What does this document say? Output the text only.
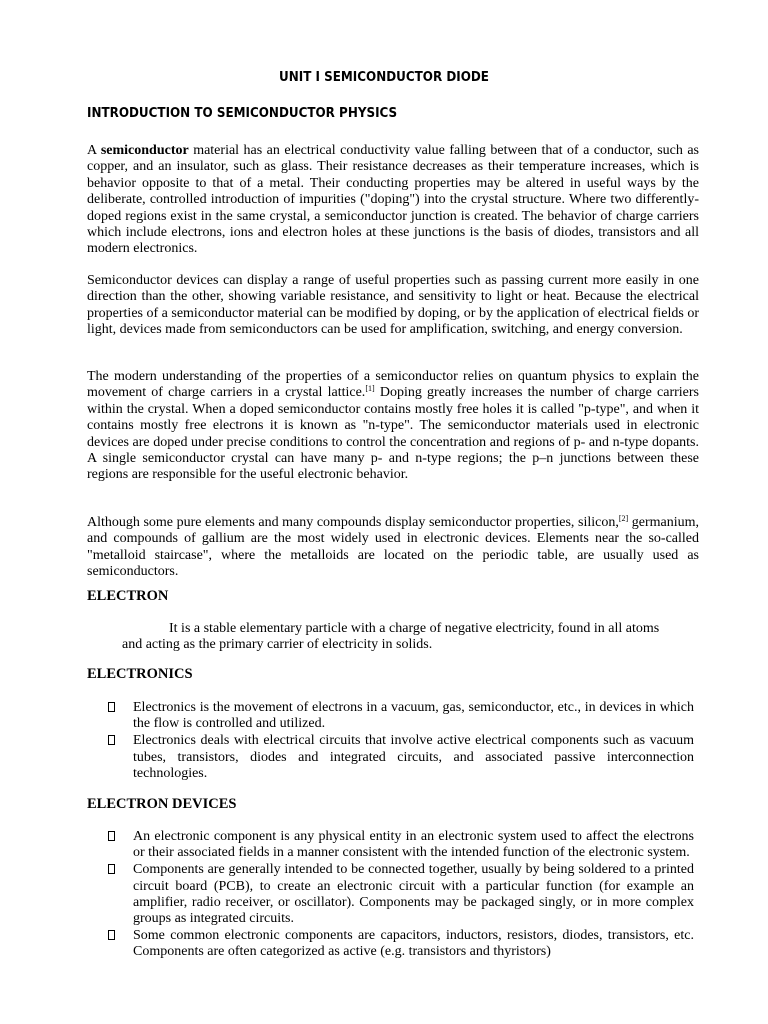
UNIT I SEMICONDUCTOR DIODE
INTRODUCTION TO SEMICONDUCTOR PHYSICS

A semiconductor material has an electrical conductivity value falling between that of a conductor, such as copper, and an insulator, such as glass. Their resistance decreases as their temperature increases, which is behavior opposite to that of a metal. Their conducting properties may be altered in useful ways by the deliberate, controlled introduction of impurities ("doping") into the crystal structure. Where two differently-doped regions exist in the same crystal, a semiconductor junction is created. The behavior of charge carriers which include electrons, ions and electron holes at these junctions is the basis of diodes, transistors and all modern electronics.

Semiconductor devices can display a range of useful properties such as passing current more easily in one direction than the other, showing variable resistance, and sensitivity to light or heat. Because the electrical properties of a semiconductor material can be modified by doping, or by the application of electrical fields or light, devices made from semiconductors can be used for amplification, switching, and energy conversion.

The modern understanding of the properties of a semiconductor relies on quantum physics to explain the movement of charge carriers in a crystal lattice.[1] Doping greatly increases the number of charge carriers within the crystal. When a doped semiconductor contains mostly free holes it is called "p-type", and when it contains mostly free electrons it is known as "n-type". The semiconductor materials used in electronic devices are doped under precise conditions to control the concentration and regions of p- and n-type dopants. A single semiconductor crystal can have many p- and n-type regions; the p–n junctions between these regions are responsible for the useful electronic behavior.

Although some pure elements and many compounds display semiconductor properties, silicon,[2] germanium, and compounds of gallium are the most widely used in electronic devices. Elements near the so-called "metalloid staircase", where the metalloids are located on the periodic table, are usually used as semiconductors.

ELECTRON

It is a stable elementary particle with a charge of negative electricity, found in all atoms and acting as the primary carrier of electricity in solids.

ELECTRONICS
Electronics is the movement of electrons in a vacuum, gas, semiconductor, etc., in devices in which the flow is controlled and utilized.
Electronics deals with electrical circuits that involve active electrical components such as vacuum tubes, transistors, diodes and integrated circuits, and associated passive interconnection technologies.
ELECTRON DEVICES
An electronic component is any physical entity in an electronic system used to affect the electrons or their associated fields in a manner consistent with the intended function of the electronic system.
Components are generally intended to be connected together, usually by being soldered to a printed circuit board (PCB), to create an electronic circuit with a particular function (for example an amplifier, radio receiver, or oscillator). Components may be packaged singly, or in more complex groups as integrated circuits.
Some common electronic components are capacitors, inductors, resistors, diodes, transistors, etc. Components are often categorized as active (e.g. transistors and thyristors)
